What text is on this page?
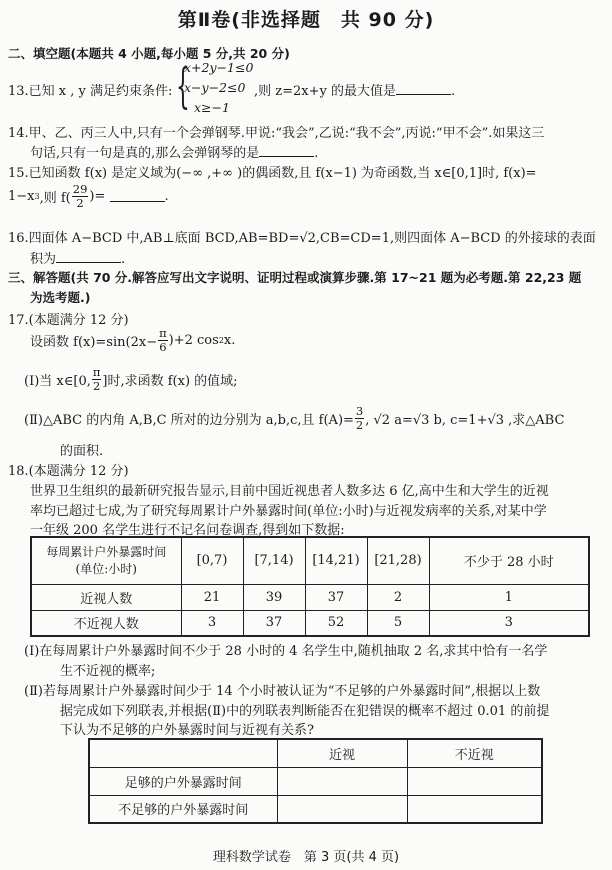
第Ⅱ卷(非选择题　共 90 分)
二、填空题(本题共 4 小题,每小题 5 分,共 20 分)
13.已知 x , y 满足约束条件: {
x+2y−1≤0
x−y−2≤0
x≥−1
,则 z=2x+y 的最大值是	.
14.甲、乙、丙三人中,只有一个会弹钢琴.甲说:“我会”,乙说:“我不会”,丙说:“甲不会”.如果这三
句话,只有一句是真的,那么会弹钢琴的是	.
15.已知函数 f(x) 是定义域为(−∞ ,+∞ )的偶函数,且 f(x−1) 为奇函数,当 x∈[0,1]时, f(x)=
1−x 3 ,则 $f( \frac{29}{2}$ )=
	.
16.四面体 A−BCD 中,AB⊥底面 BCD,AB=BD=√2,CB=CD=1,则四面体 A−BCD 的外接球的表面
积为	.
三、解答题(共 70 分.解答应写出文字说明、证明过程或演算步骤.第 17~21 题为必考题.第 22,23 题
为选考题.)
17.(本题满分 12 分)
设函数 $f(x)=\sin(2x- \frac{\pi}{6} )+2$ cos 2 x.
(Ⅰ)当 x∈[0, $\frac{\pi}{2}$ ]时,求函数 f(x) 的值域;
(Ⅱ)△ABC 的内角 A,B,C 所对的边分别为 a,b,c,且 $f(A)= \frac{3}{2}$ , √2 a=√3 b, c=1+√3 ,求△ABC
的面积.
18.(本题满分 12 分)
世界卫生组织的最新研究报告显示,目前中国近视患者人数多达 6 亿,高中生和大学生的近视
率均已超过七成,为了研究每周累计户外暴露时间(单位:小时)与近视发病率的关系,对某中学
一年级 200 名学生进行不记名问卷调查,得到如下数据:
每周累计户外暴露时间
(单位:小时)	[0,7)	[7,14)	[14,21)	[21,28)	不少于 28 小时
近视人数	21	39	37	2	1
不近视人数	3	37	52	5	3
(Ⅰ)在每周累计户外暴露时间不少于 28 小时的 4 名学生中,随机抽取 2 名,求其中恰有一名学
生不近视的概率;
(Ⅱ)若每周累计户外暴露时间少于 14 个小时被认证为“不足够的户外暴露时间”,根据以上数
据完成如下列联表,并根据(Ⅱ)中的列联表判断能否在犯错误的概率不超过 0.01 的前提
下认为不足够的户外暴露时间与近视有关系?
	近视	不近视
足够的户外暴露时间		
不足够的户外暴露时间		
理科数学试卷　第 3 页(共 4 页)
